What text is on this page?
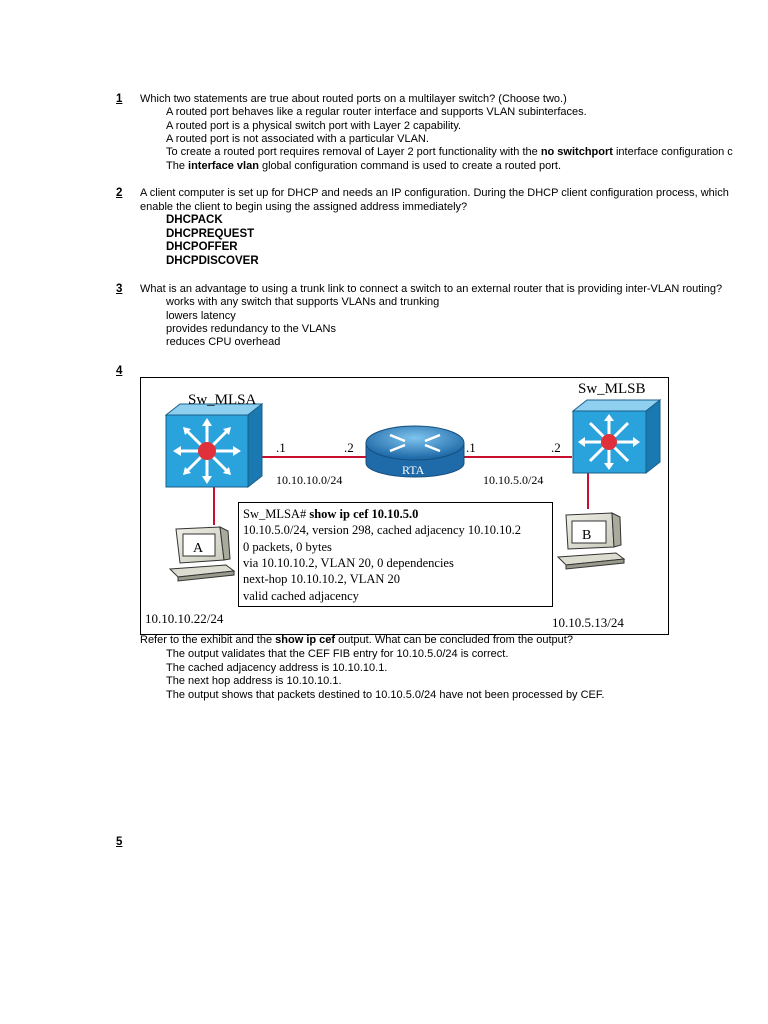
1 Which two statements are true about routed ports on a multilayer switch? (Choose two.)
A routed port behaves like a regular router interface and supports VLAN subinterfaces.
A routed port is a physical switch port with Layer 2 capability.
A routed port is not associated with a particular VLAN.
To create a routed port requires removal of Layer 2 port functionality with the no switchport interface configuration c
The interface vlan global configuration command is used to create a routed port.
2 A client computer is set up for DHCP and needs an IP configuration. During the DHCP client configuration process, which
enable the client to begin using the assigned address immediately?
DHCPACK
DHCPREQUEST
DHCPOFFER
DHCPDISCOVER
3 What is an advantage to using a trunk link to connect a switch to an external router that is providing inter-VLAN routing?
works with any switch that supports VLANs and trunking
lowers latency
provides redundancy to the VLANs
reduces CPU overhead
4
Sw_MLSA
Sw_MLSB
RTA
.1	.2	.1	.2
10.10.10.0/24	10.10.5.0/24
A
10.10.10.22/24
B
10.10.5.13/24
Sw_MLSA# show ip cef 10.10.5.0
10.10.5.0/24, version 298, cached adjacency 10.10.10.2
0 packets, 0 bytes
via 10.10.10.2, VLAN 20, 0 dependencies
next-hop 10.10.10.2, VLAN 20
valid cached adjacency
Refer to the exhibit and the show ip cef output. What can be concluded from the output?
The output validates that the CEF FIB entry for 10.10.5.0/24 is correct.
The cached adjacency address is 10.10.10.1.
The next hop address is 10.10.10.1.
The output shows that packets destined to 10.10.5.0/24 have not been processed by CEF.
5
